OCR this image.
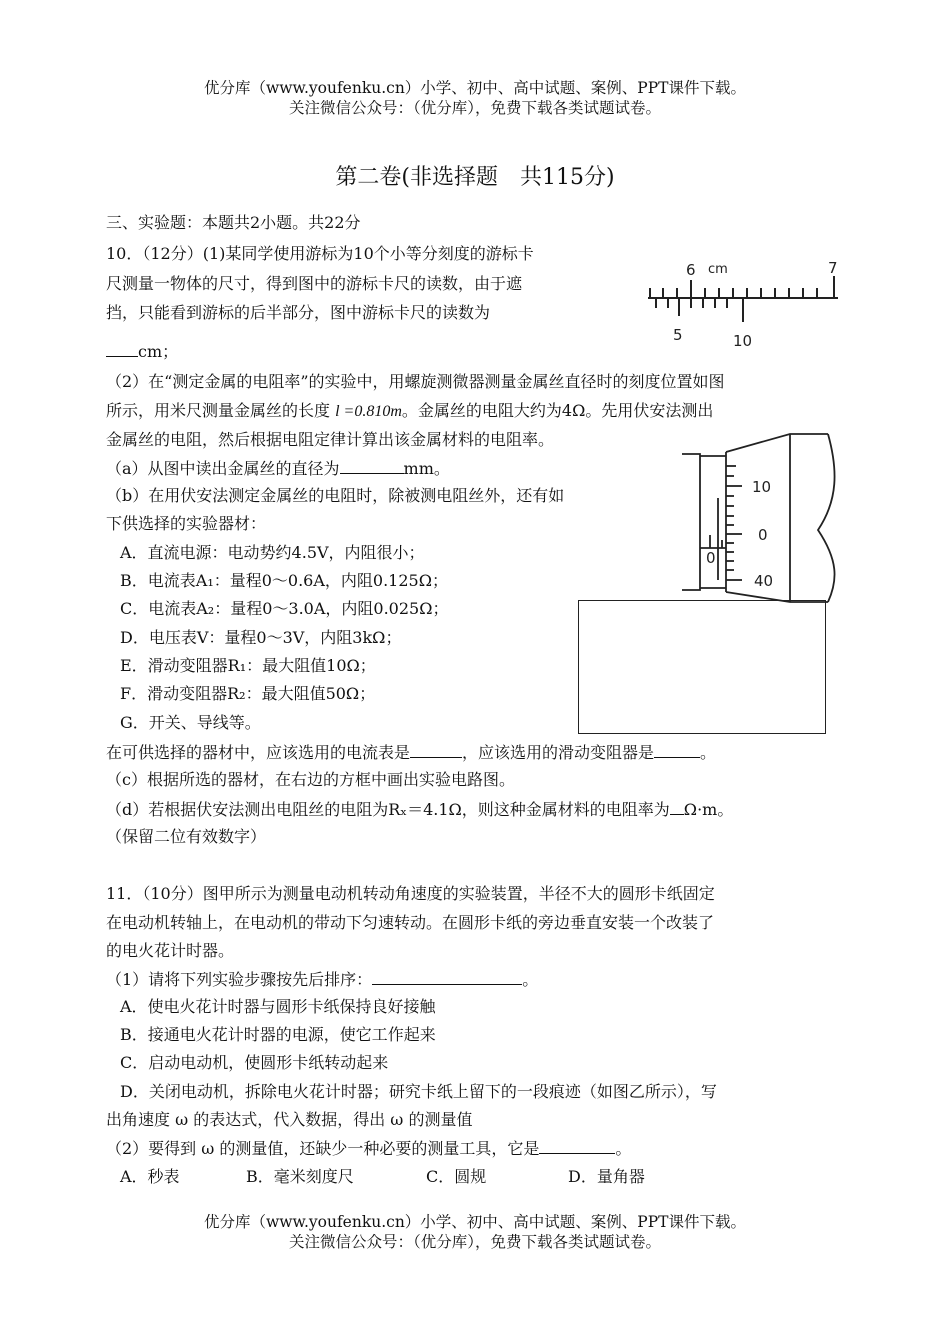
优分库（www.youfenku.cn）小学、初中、高中试题、案例、PPT课件下载。
关注微信公众号：（优分库），免费下载各类试题试卷。
第二卷(非选择题　共115分)
三、实验题：本题共2小题。共22分
10．（12分）(1)某同学使用游标为10个小等分刻度的游标卡
尺测量一物体的尺寸，得到图中的游标卡尺的读数，由于遮
挡，只能看到游标的后半部分，图中游标卡尺的读数为
cm；
6 cm	7
5	10
（2）在“测定金属的电阻率”的实验中，用螺旋测微器测量金属丝直径时的刻度位置如图
所示，用米尺测量金属丝的长度 l =0.810m。金属丝的电阻大约为4Ω。先用伏安法测出
金属丝的电阻，然后根据电阻定律计算出该金属材料的电阻率。
（a）从图中读出金属丝的直径为	mm。
（b）在用伏安法测定金属丝的电阻时，除被测电阻丝外，还有如
下供选择的实验器材：
A．直流电源：电动势约4.5V，内阻很小；
B．电流表A₁：量程0～0.6A，内阻0.125Ω；
C．电流表A₂：量程0～3.0A，内阻0.025Ω；
D．电压表V：量程0～3V，内阻3kΩ；
E．滑动变阻器R₁：最大阻值10Ω；
F．滑动变阻器R₂：最大阻值50Ω；
G．开关、导线等。
10
0
0
40
在可供选择的器材中，应该选用的电流表是	，应该选用的滑动变阻器是	。
（c）根据所选的器材，在右边的方框中画出实验电路图。
（d）若根据伏安法测出电阻丝的电阻为Rₓ＝4.1Ω，则这种金属材料的电阻率为 Ω·m。
（保留二位有效数字）
11．（10分）图甲所示为测量电动机转动角速度的实验装置，半径不大的圆形卡纸固定
在电动机转轴上，在电动机的带动下匀速转动。在圆形卡纸的旁边垂直安装一个改装了
的电火花计时器。
（1）请将下列实验步骤按先后排序：	。
A．使电火花计时器与圆形卡纸保持良好接触
B．接通电火花计时器的电源，使它工作起来
C．启动电动机，使圆形卡纸转动起来
D．关闭电动机，拆除电火花计时器；研究卡纸上留下的一段痕迹（如图乙所示），写
出角速度 ω 的表达式，代入数据，得出 ω 的测量值
（2）要得到 ω 的测量值，还缺少一种必要的测量工具，它是	。
A．秒表	B．毫米刻度尺	C．圆规	D．量角器
优分库（www.youfenku.cn）小学、初中、高中试题、案例、PPT课件下载。
关注微信公众号：（优分库），免费下载各类试题试卷。
